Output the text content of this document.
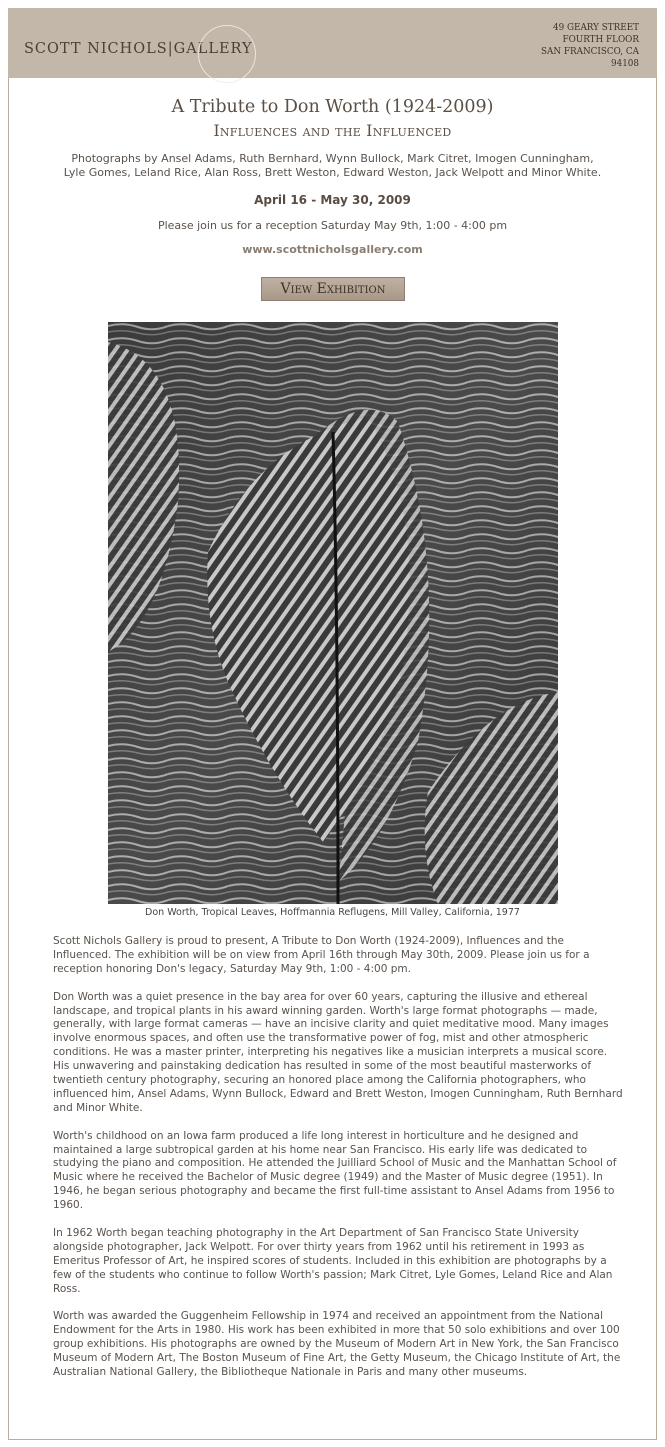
SCOTT NICHOLS|GALLERY
49 GEARY STREET
FOURTH FLOOR
SAN FRANCISCO, CA
94108
A Tribute to Don Worth (1924-2009)
Influences and the Influenced
Photographs by Ansel Adams, Ruth Bernhard, Wynn Bullock, Mark Citret, Imogen Cunningham,
Lyle Gomes, Leland Rice, Alan Ross, Brett Weston, Edward Weston, Jack Welpott and Minor White.
April 16 - May 30, 2009
Please join us for a reception Saturday May 9th, 1:00 - 4:00 pm
www.scottnicholsgallery.com
View Exhibition
Don Worth, Tropical Leaves, Hoffmannia Reflugens, Mill Valley, California, 1977

Scott Nichols Gallery is proud to present, A Tribute to Don Worth (1924-2009), Influences and the Influenced. The exhibition will be on view from April 16th through May 30th, 2009. Please join us for a reception honoring Don's legacy, Saturday May 9th, 1:00 - 4:00 pm.

Don Worth was a quiet presence in the bay area for over 60 years, capturing the illusive and ethereal landscape, and tropical plants in his award winning garden. Worth's large format photographs — made, generally, with large format cameras — have an incisive clarity and quiet meditative mood. Many images involve enormous spaces, and often use the transformative power of fog, mist and other atmospheric conditions. He was a master printer, interpreting his negatives like a musician interprets a musical score. His unwavering and painstaking dedication has resulted in some of the most beautiful masterworks of twentieth century photography, securing an honored place among the California photographers, who influenced him, Ansel Adams, Wynn Bullock, Edward and Brett Weston, Imogen Cunningham, Ruth Bernhard and Minor White.

Worth's childhood on an Iowa farm produced a life long interest in horticulture and he designed and maintained a large subtropical garden at his home near San Francisco. His early life was dedicated to studying the piano and composition. He attended the Juilliard School of Music and the Manhattan School of Music where he received the Bachelor of Music degree (1949) and the Master of Music degree (1951). In 1946, he began serious photography and became the first full-time assistant to Ansel Adams from 1956 to 1960.

In 1962 Worth began teaching photography in the Art Department of San Francisco State University alongside photographer, Jack Welpott. For over thirty years from 1962 until his retirement in 1993 as Emeritus Professor of Art, he inspired scores of students. Included in this exhibition are photographs by a few of the students who continue to follow Worth's passion; Mark Citret, Lyle Gomes, Leland Rice and Alan Ross.

Worth was awarded the Guggenheim Fellowship in 1974 and received an appointment from the National Endowment for the Arts in 1980. His work has been exhibited in more that 50 solo exhibitions and over 100 group exhibitions. His photographs are owned by the Museum of Modern Art in New York, the San Francisco Museum of Modern Art, The Boston Museum of Fine Art, the Getty Museum, the Chicago Institute of Art, the Australian National Gallery, the Bibliotheque Nationale in Paris and many other museums.
